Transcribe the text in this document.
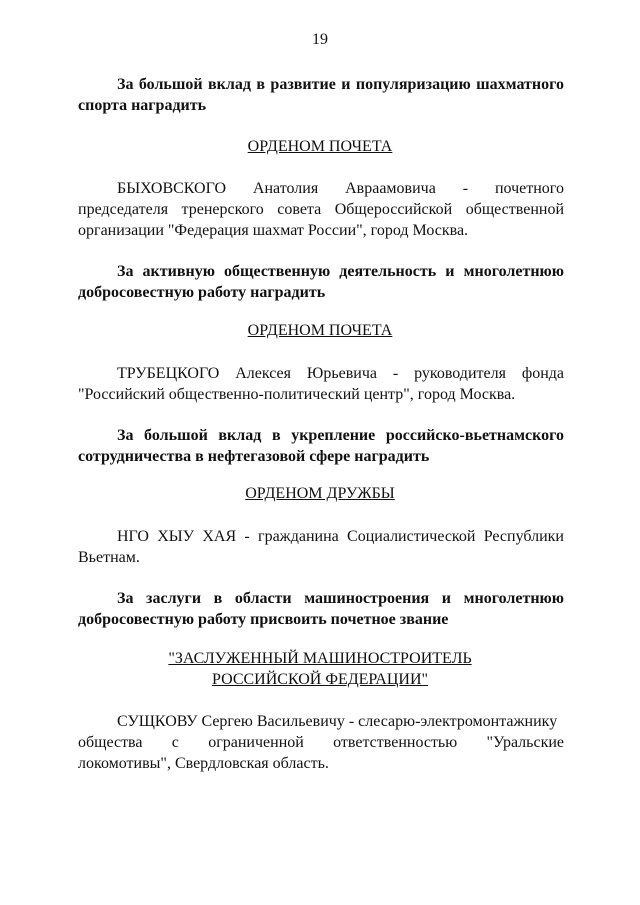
19
За большой вклад в развитие и популяризацию шахматного спорта наградить
ОРДЕНОМ ПОЧЕТА
БЫХОВСКОГО Анатолия Авраамовича - почетного
председателя тренерского совета Общероссийской общественной организации "Федерация шахмат России", город Москва.
За активную общественную деятельность и многолетнюю добросовестную работу наградить
ОРДЕНОМ ПОЧЕТА
ТРУБЕЦКОГО Алексея Юрьевича - руководителя фонда "Российский общественно-политический центр", город Москва.
За большой вклад в укрепление российско-вьетнамского сотрудничества в нефтегазовой сфере наградить
ОРДЕНОМ ДРУЖБЫ
НГО ХЫУ ХАЯ - гражданина Социалистической Республики Вьетнам.
За заслуги в области машиностроения и многолетнюю добросовестную работу присвоить почетное звание
"ЗАСЛУЖЕННЫЙ МАШИНОСТРОИТЕЛЬ
РОССИЙСКОЙ ФЕДЕРАЦИИ"
СУЩКОВУ Сергею Васильевичу - слесарю-электромонтажнику
общества с ограниченной ответственностью "Уральские
локомотивы", Свердловская область.
